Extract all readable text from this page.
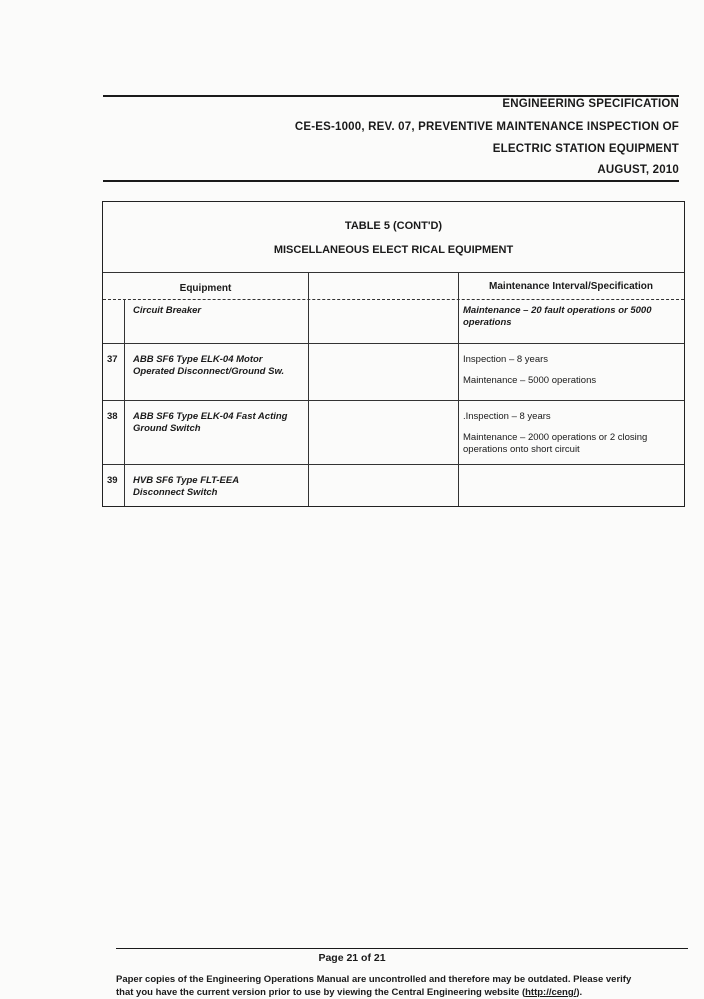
ENGINEERING SPECIFICATION
CE-ES-1000, REV. 07, PREVENTIVE MAINTENANCE INSPECTION OF
ELECTRIC STATION EQUIPMENT
AUGUST, 2010
TABLE 5 (CONT'D)
MISCELLANEOUS ELECT RICAL EQUIPMENT
Equipment	Maintenance Interval/Specification
Circuit Breaker	Maintenance – 20 fault operations or 5000 operations
37 ABB SF6 Type ELK-04 Motor Operated Disconnect/Ground Sw.
Inspection – 8 years
Maintenance – 5000 operations
38 ABB SF6 Type ELK-04 Fast Acting Ground Switch
.Inspection – 8 years
Maintenance – 2000 operations or 2 closing operations onto short circuit
39 HVB SF6 Type FLT-EEA Disconnect Switch
Page 21 of 21
Paper copies of the Engineering Operations Manual are uncontrolled and therefore may be outdated. Please verify
that you have the current version prior to use by viewing the Central Engineering website (http://ceng/).
